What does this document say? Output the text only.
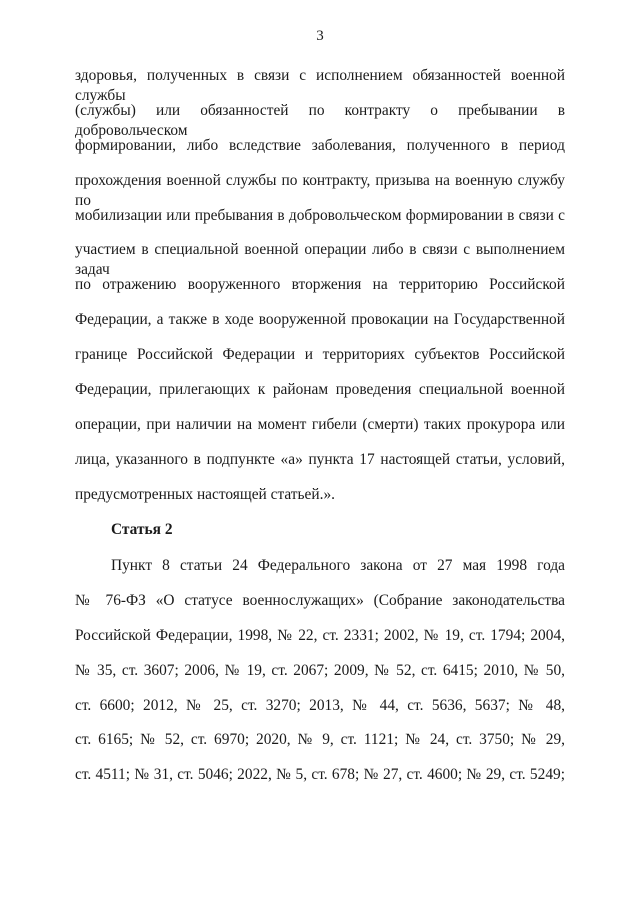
3
здоровья, полученных в связи с исполнением обязанностей военной службы
(службы) или обязанностей по контракту о пребывании в добровольческом
формировании, либо вследствие заболевания, полученного в период
прохождения военной службы по контракту, призыва на военную службу по
мобилизации или пребывания в добровольческом формировании в связи с
участием в специальной военной операции либо в связи с выполнением задач
по отражению вооруженного вторжения на территорию Российской
Федерации, а также в ходе вооруженной провокации на Государственной
границе Российской Федерации и территориях субъектов Российской
Федерации, прилегающих к районам проведения специальной военной
операции, при наличии на момент гибели (смерти) таких прокурора или
лица, указанного в подпункте «а» пункта 17 настоящей статьи, условий,
предусмотренных настоящей статьей.».
Статья 2
Пункт 8 статьи 24 Федерального закона от 27 мая 1998 года
№ 76-ФЗ «О статусе военнослужащих» (Собрание законодательства
Российской Федерации, 1998, № 22, ст. 2331; 2002, № 19, ст. 1794; 2004,
№ 35, ст. 3607; 2006, № 19, ст. 2067; 2009, № 52, ст. 6415; 2010, № 50,
ст. 6600; 2012, № 25, ст. 3270; 2013, № 44, ст. 5636, 5637; № 48,
ст. 6165; № 52, ст. 6970; 2020, № 9, ст. 1121; № 24, ст. 3750; № 29,
ст. 4511; № 31, ст. 5046; 2022, № 5, ст. 678; № 27, ст. 4600; № 29, ст. 5249;
